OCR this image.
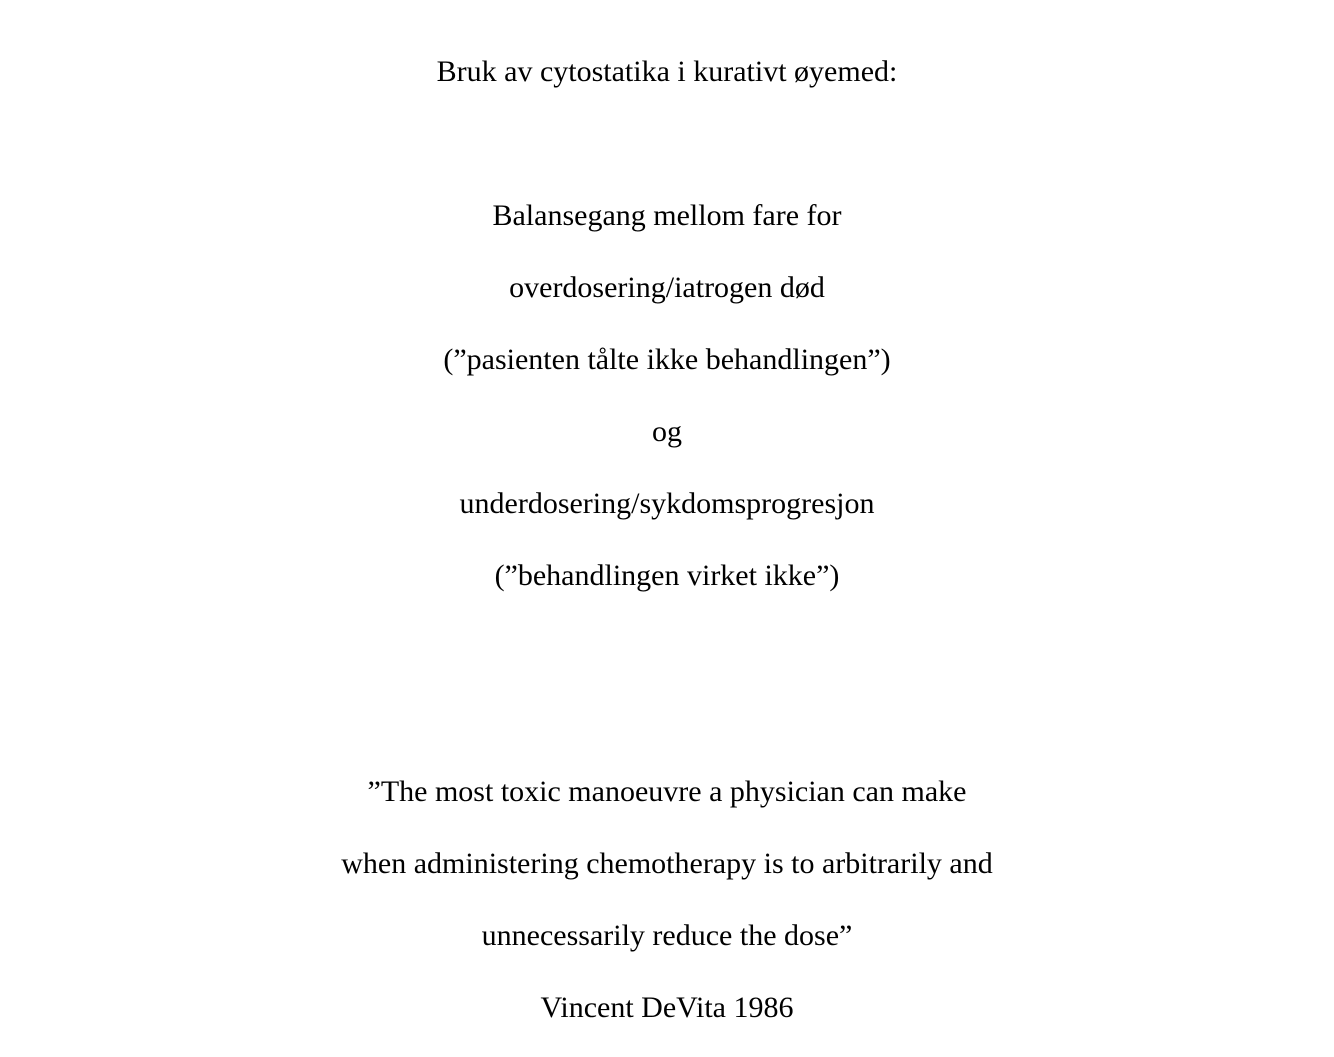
Bruk av cytostatika i kurativt øyemed:
Balansegang mellom fare for
overdosering/iatrogen død
(”pasienten tålte ikke behandlingen”)
og
underdosering/sykdomsprogresjon
(”behandlingen virket ikke”)
”The most toxic manoeuvre a physician can make
when administering chemotherapy is to arbitrarily and
unnecessarily reduce the dose”
Vincent DeVita 1986
